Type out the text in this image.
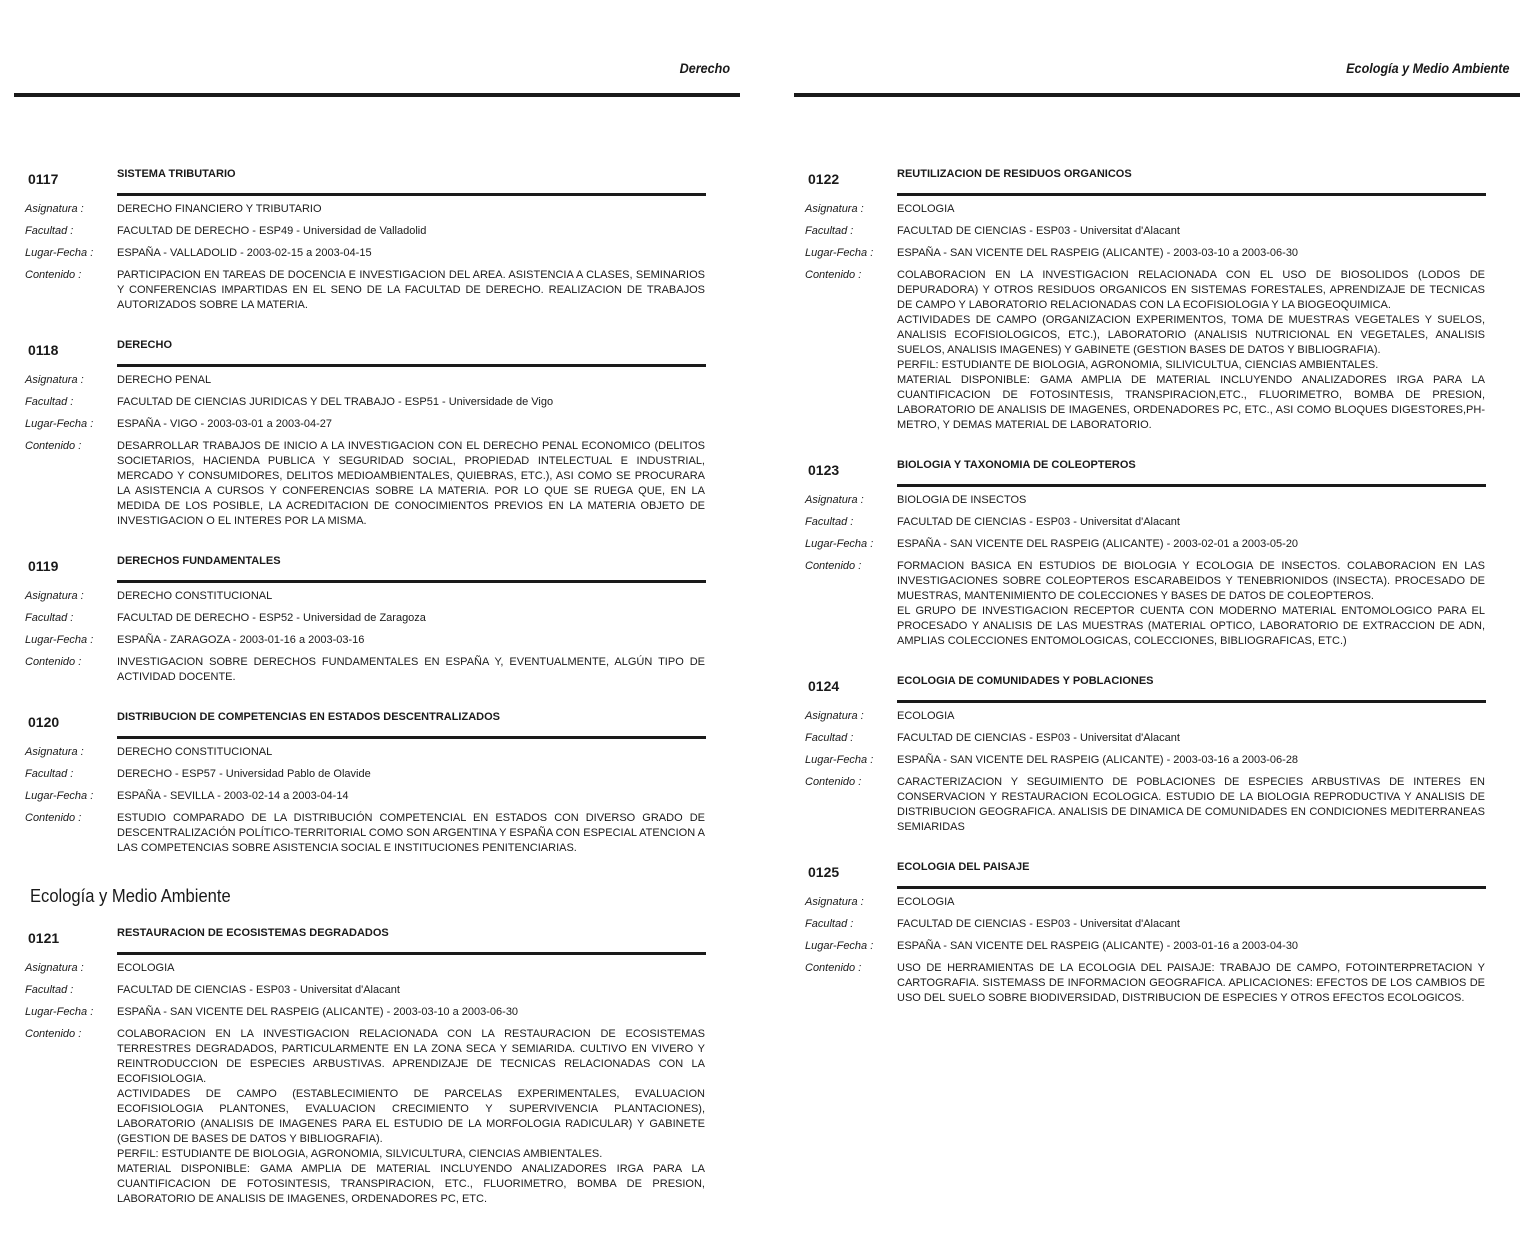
Derecho
0117	SISTEMA TRIBUTARIO
Asignatura :	DERECHO FINANCIERO Y TRIBUTARIO
Facultad :	FACULTAD DE DERECHO - ESP49 - Universidad de Valladolid
Lugar-Fecha :	ESPAÑA - VALLADOLID - 2003-02-15 a 2003-04-15
Contenido :	PARTICIPACION EN TAREAS DE DOCENCIA E INVESTIGACION DEL AREA. ASISTENCIA A CLASES, SEMINARIOS Y CONFERENCIAS IMPARTIDAS EN EL SENO DE LA FACULTAD DE DERECHO. REALIZACION DE TRABAJOS AUTORIZADOS SOBRE LA MATERIA.
0118	DERECHO
Asignatura :	DERECHO PENAL
Facultad :	FACULTAD DE CIENCIAS JURIDICAS Y DEL TRABAJO - ESP51 - Universidade de Vigo
Lugar-Fecha :	ESPAÑA - VIGO - 2003-03-01 a 2003-04-27
Contenido :	DESARROLLAR TRABAJOS DE INICIO A LA INVESTIGACION CON EL DERECHO PENAL ECONOMICO (DELITOS SOCIETARIOS, HACIENDA PUBLICA Y SEGURIDAD SOCIAL, PROPIEDAD INTELECTUAL E INDUSTRIAL, MERCADO Y CONSUMIDORES, DELITOS MEDIOAMBIENTALES, QUIEBRAS, ETC.), ASI COMO SE PROCURARA LA ASISTENCIA A CURSOS Y CONFERENCIAS SOBRE LA MATERIA. POR LO QUE SE RUEGA QUE, EN LA MEDIDA DE LOS POSIBLE, LA ACREDITACION DE CONOCIMIENTOS PREVIOS EN LA MATERIA OBJETO DE INVESTIGACION O EL INTERES POR LA MISMA.
0119	DERECHOS FUNDAMENTALES
Asignatura :	DERECHO CONSTITUCIONAL
Facultad :	FACULTAD DE DERECHO - ESP52 - Universidad de Zaragoza
Lugar-Fecha :	ESPAÑA - ZARAGOZA - 2003-01-16 a 2003-03-16
Contenido :	INVESTIGACION SOBRE DERECHOS FUNDAMENTALES EN ESPAÑA Y, EVENTUALMENTE, ALGÚN TIPO DE ACTIVIDAD DOCENTE.
0120	DISTRIBUCION DE COMPETENCIAS EN ESTADOS DESCENTRALIZADOS
Asignatura :	DERECHO CONSTITUCIONAL
Facultad :	DERECHO - ESP57 - Universidad Pablo de Olavide
Lugar-Fecha :	ESPAÑA - SEVILLA - 2003-02-14 a 2003-04-14
Contenido :	ESTUDIO COMPARADO DE LA DISTRIBUCIÓN COMPETENCIAL EN ESTADOS CON DIVERSO GRADO DE DESCENTRALIZACIÓN POLÍTICO-TERRITORIAL COMO SON ARGENTINA Y ESPAÑA CON ESPECIAL ATENCION A LAS COMPETENCIAS SOBRE ASISTENCIA SOCIAL E INSTITUCIONES PENITENCIARIAS.
Ecología y Medio Ambiente
0121	RESTAURACION DE ECOSISTEMAS DEGRADADOS
Asignatura :	ECOLOGIA
Facultad :	FACULTAD DE CIENCIAS - ESP03 - Universitat d'Alacant
Lugar-Fecha :	ESPAÑA - SAN VICENTE DEL RASPEIG (ALICANTE) - 2003-03-10 a 2003-06-30
Contenido :	COLABORACION EN LA INVESTIGACION RELACIONADA CON LA RESTAURACION DE ECOSISTEMAS TERRESTRES DEGRADADOS, PARTICULARMENTE EN LA ZONA SECA Y SEMIARIDA. CULTIVO EN VIVERO Y REINTRODUCCION DE ESPECIES ARBUSTIVAS. APRENDIZAJE DE TECNICAS RELACIONADAS CON LA ECOFISIOLOGIA.
ACTIVIDADES DE CAMPO (ESTABLECIMIENTO DE PARCELAS EXPERIMENTALES, EVALUACION ECOFISIOLOGIA PLANTONES, EVALUACION CRECIMIENTO Y SUPERVIVENCIA PLANTACIONES), LABORATORIO (ANALISIS DE IMAGENES PARA EL ESTUDIO DE LA MORFOLOGIA RADICULAR) Y GABINETE (GESTION DE BASES DE DATOS Y BIBLIOGRAFIA).
PERFIL: ESTUDIANTE DE BIOLOGIA, AGRONOMIA, SILVICULTURA, CIENCIAS AMBIENTALES.
MATERIAL DISPONIBLE: GAMA AMPLIA DE MATERIAL INCLUYENDO ANALIZADORES IRGA PARA LA CUANTIFICACION DE FOTOSINTESIS, TRANSPIRACION, ETC., FLUORIMETRO, BOMBA DE PRESION, LABORATORIO DE ANALISIS DE IMAGENES, ORDENADORES PC, ETC.
Ecología y Medio Ambiente
0122	REUTILIZACION DE RESIDUOS ORGANICOS
Asignatura :	ECOLOGIA
Facultad :	FACULTAD DE CIENCIAS - ESP03 - Universitat d'Alacant
Lugar-Fecha :	ESPAÑA - SAN VICENTE DEL RASPEIG (ALICANTE) - 2003-03-10 a 2003-06-30
Contenido :	COLABORACION EN LA INVESTIGACION RELACIONADA CON EL USO DE BIOSOLIDOS (LODOS DE DEPURADORA) Y OTROS RESIDUOS ORGANICOS EN SISTEMAS FORESTALES, APRENDIZAJE DE TECNICAS DE CAMPO Y LABORATORIO RELACIONADAS CON LA ECOFISIOLOGIA Y LA BIOGEOQUIMICA.
ACTIVIDADES DE CAMPO (ORGANIZACION EXPERIMENTOS, TOMA DE MUESTRAS VEGETALES Y SUELOS, ANALISIS ECOFISIOLOGICOS, ETC.), LABORATORIO (ANALISIS NUTRICIONAL EN VEGETALES, ANALISIS SUELOS, ANALISIS IMAGENES) Y GABINETE (GESTION BASES DE DATOS Y BIBLIOGRAFIA).
PERFIL: ESTUDIANTE DE BIOLOGIA, AGRONOMIA, SILIVICULTUA, CIENCIAS AMBIENTALES.
MATERIAL DISPONIBLE: GAMA AMPLIA DE MATERIAL INCLUYENDO ANALIZADORES IRGA PARA LA CUANTIFICACION DE FOTOSINTESIS, TRANSPIRACION,ETC., FLUORIMETRO, BOMBA DE PRESION, LABORATORIO DE ANALISIS DE IMAGENES, ORDENADORES PC, ETC., ASI COMO BLOQUES DIGESTORES,PH-METRO, Y DEMAS MATERIAL DE LABORATORIO.
0123	BIOLOGIA Y TAXONOMIA DE COLEOPTEROS
Asignatura :	BIOLOGIA DE INSECTOS
Facultad :	FACULTAD DE CIENCIAS - ESP03 - Universitat d'Alacant
Lugar-Fecha :	ESPAÑA - SAN VICENTE DEL RASPEIG (ALICANTE) - 2003-02-01 a 2003-05-20
Contenido :	FORMACION BASICA EN ESTUDIOS DE BIOLOGIA Y ECOLOGIA DE INSECTOS. COLABORACION EN LAS INVESTIGACIONES SOBRE COLEOPTEROS ESCARABEIDOS Y TENEBRIONIDOS (INSECTA). PROCESADO DE MUESTRAS, MANTENIMIENTO DE COLECCIONES Y BASES DE DATOS DE COLEOPTEROS.
EL GRUPO DE INVESTIGACION RECEPTOR CUENTA CON MODERNO MATERIAL ENTOMOLOGICO PARA EL PROCESADO Y ANALISIS DE LAS MUESTRAS (MATERIAL OPTICO, LABORATORIO DE EXTRACCION DE ADN, AMPLIAS COLECCIONES ENTOMOLOGICAS, COLECCIONES, BIBLIOGRAFICAS, ETC.)
0124	ECOLOGIA DE COMUNIDADES Y POBLACIONES
Asignatura :	ECOLOGIA
Facultad :	FACULTAD DE CIENCIAS - ESP03 - Universitat d'Alacant
Lugar-Fecha :	ESPAÑA - SAN VICENTE DEL RASPEIG (ALICANTE) - 2003-03-16 a 2003-06-28
Contenido :	CARACTERIZACION Y SEGUIMIENTO DE POBLACIONES DE ESPECIES ARBUSTIVAS DE INTERES EN CONSERVACION Y RESTAURACION ECOLOGICA. ESTUDIO DE LA BIOLOGIA REPRODUCTIVA Y ANALISIS DE DISTRIBUCION GEOGRAFICA. ANALISIS DE DINAMICA DE COMUNIDADES EN CONDICIONES MEDITERRANEAS SEMIARIDAS
0125	ECOLOGIA DEL PAISAJE
Asignatura :	ECOLOGIA
Facultad :	FACULTAD DE CIENCIAS - ESP03 - Universitat d'Alacant
Lugar-Fecha :	ESPAÑA - SAN VICENTE DEL RASPEIG (ALICANTE) - 2003-01-16 a 2003-04-30
Contenido :	USO DE HERRAMIENTAS DE LA ECOLOGIA DEL PAISAJE: TRABAJO DE CAMPO, FOTOINTERPRETACION Y CARTOGRAFIA. SISTEMASS DE INFORMACION GEOGRAFICA. APLICACIONES: EFECTOS DE LOS CAMBIOS DE USO DEL SUELO SOBRE BIODIVERSIDAD, DISTRIBUCION DE ESPECIES Y OTROS EFECTOS ECOLOGICOS.
